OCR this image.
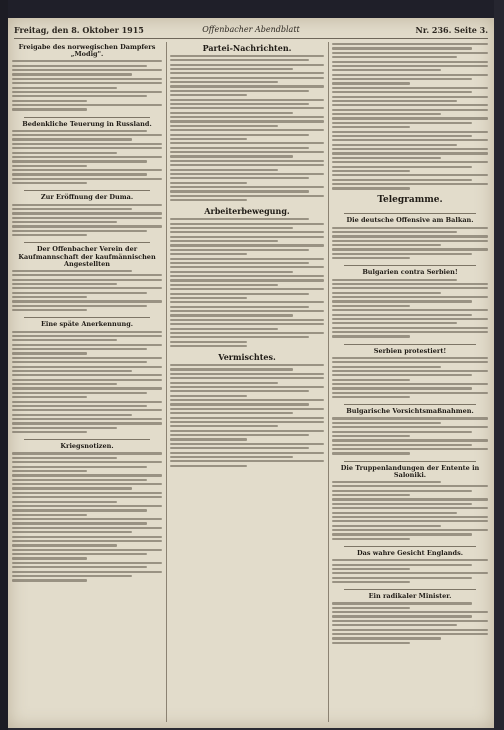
Freitag, den 8. Oktober 1915	Offenbacher Abendblatt	Nr. 236. Seite 3.
Freigabe des norwegischen Dampfers „Modig".
Bedenkliche Teuerung in Russland.
Zur Eröffnung der Duma.
Der Offenbacher Verein der Kaufmannschaft der kaufmännischen Angestellten
Eine späte Anerkennung.
Kriegsnotizen.
Partei-Nachrichten.
Arbeiterbewegung.
Vermischtes.
Telegramme.
Die deutsche Offensive am Balkan.
Bulgarien contra Serbien!
Serbien protestiert!
Bulgarische Vorsichtsmaßnahmen.
Die Truppenlandungen der Entente in Saloniki.
Das wahre Gesicht Englands.
Ein radikaler Minister.
